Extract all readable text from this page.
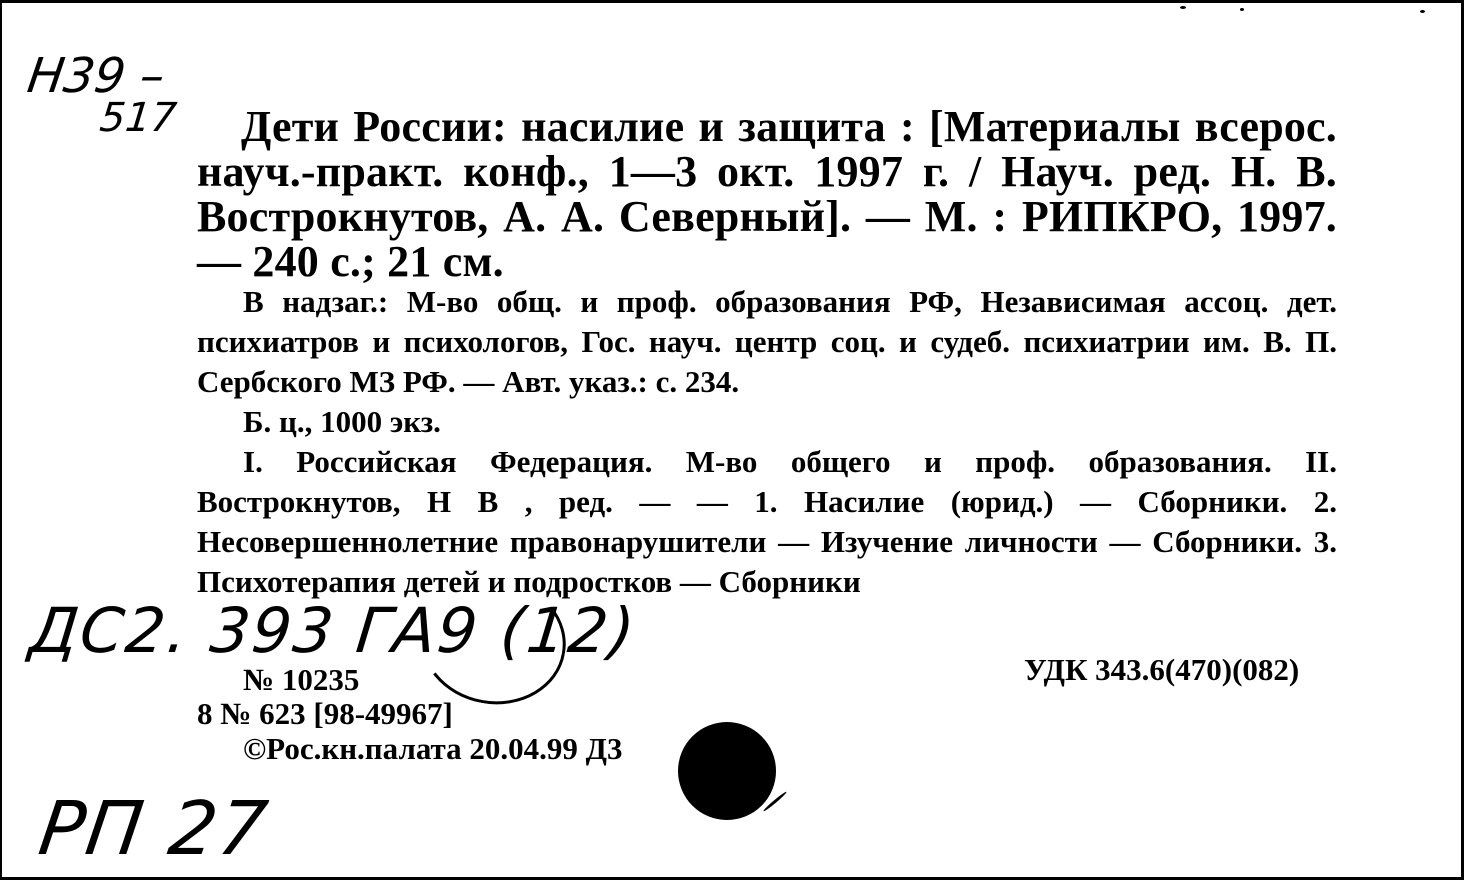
Н39 –
517	Дети России: насилие и защита : [Материалы всерос. науч.-практ. конф., 1—3 окт. 1997 г. / Науч. ред. Н. В. Вострокнутов, А. А. Северный]. — М. : РИПКРО, 1997. — 240 с.; 21 см.

В надзаг.: М-во общ. и проф. образования РФ, Независимая ассоц. дет. психиатров и психологов, Гос. науч. центр соц. и судеб. психиатрии им. В. П. Сербского МЗ РФ. — Авт. указ.: с. 234.

Б. ц., 1000 экз.

I. Российская Федерация. М-во общего и проф. образования. II. Вострокнутов, Н В , ред. — — 1. Насилие (юрид.) — Сборники. 2. Несовершеннолетние правонарушители — Изучение личности — Сборники. 3. Психотерапия детей и подростков — Сборники

ДС2. 393 ГА9 (12)
№ 10235
8 № 623 [98-49967]
©Рос.кн.палата 20.04.99 Д3
УДК 343.6(470)(082)
РП 27
